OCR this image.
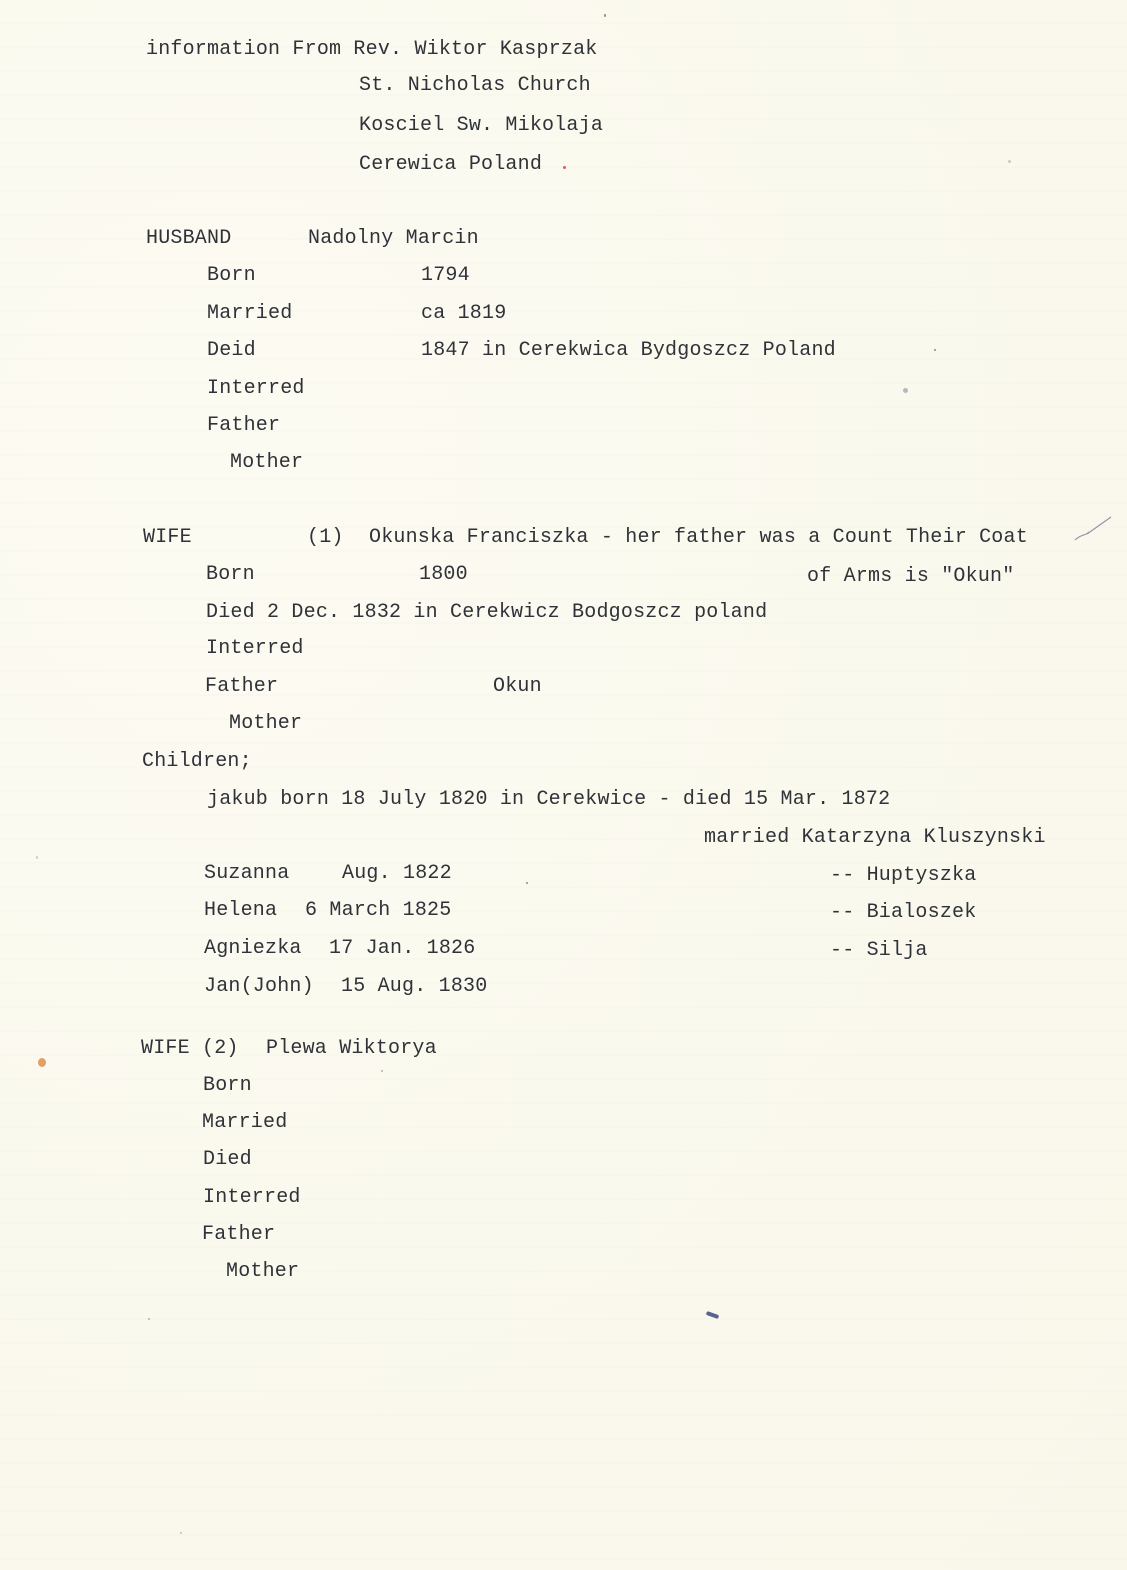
information From Rev. Wiktor Kasprzak
St. Nicholas Church
Kosciel Sw. Mikolaja
Cerewica Poland
HUSBAND	Nadolny Marcin
Born	1794
Married	ca 1819
Deid	1847 in Cerekwica Bydgoszcz Poland
Interred
Father
Mother
WIFE	(1) Okunska Franciszka - her father was a Count Their Coat
Born	1800	of Arms is "Okun"
Died 2 Dec. 1832 in Cerekwicz Bodgoszcz poland
Interred
Father	Okun
Mother
Children;
jakub born 18 July 1820 in Cerekwice - died 15 Mar. 1872
married Katarzyna Kluszynski
Suzanna	Aug. 1822	-- Huptyszka
Helena 6 March 1825	-- Bialoszek
Agniezka 17 Jan. 1826	-- Silja
Jan(John) 15 Aug. 1830
WIFE (2) Plewa Wiktorya
Born
Married
Died
Interred
Father
Mother
